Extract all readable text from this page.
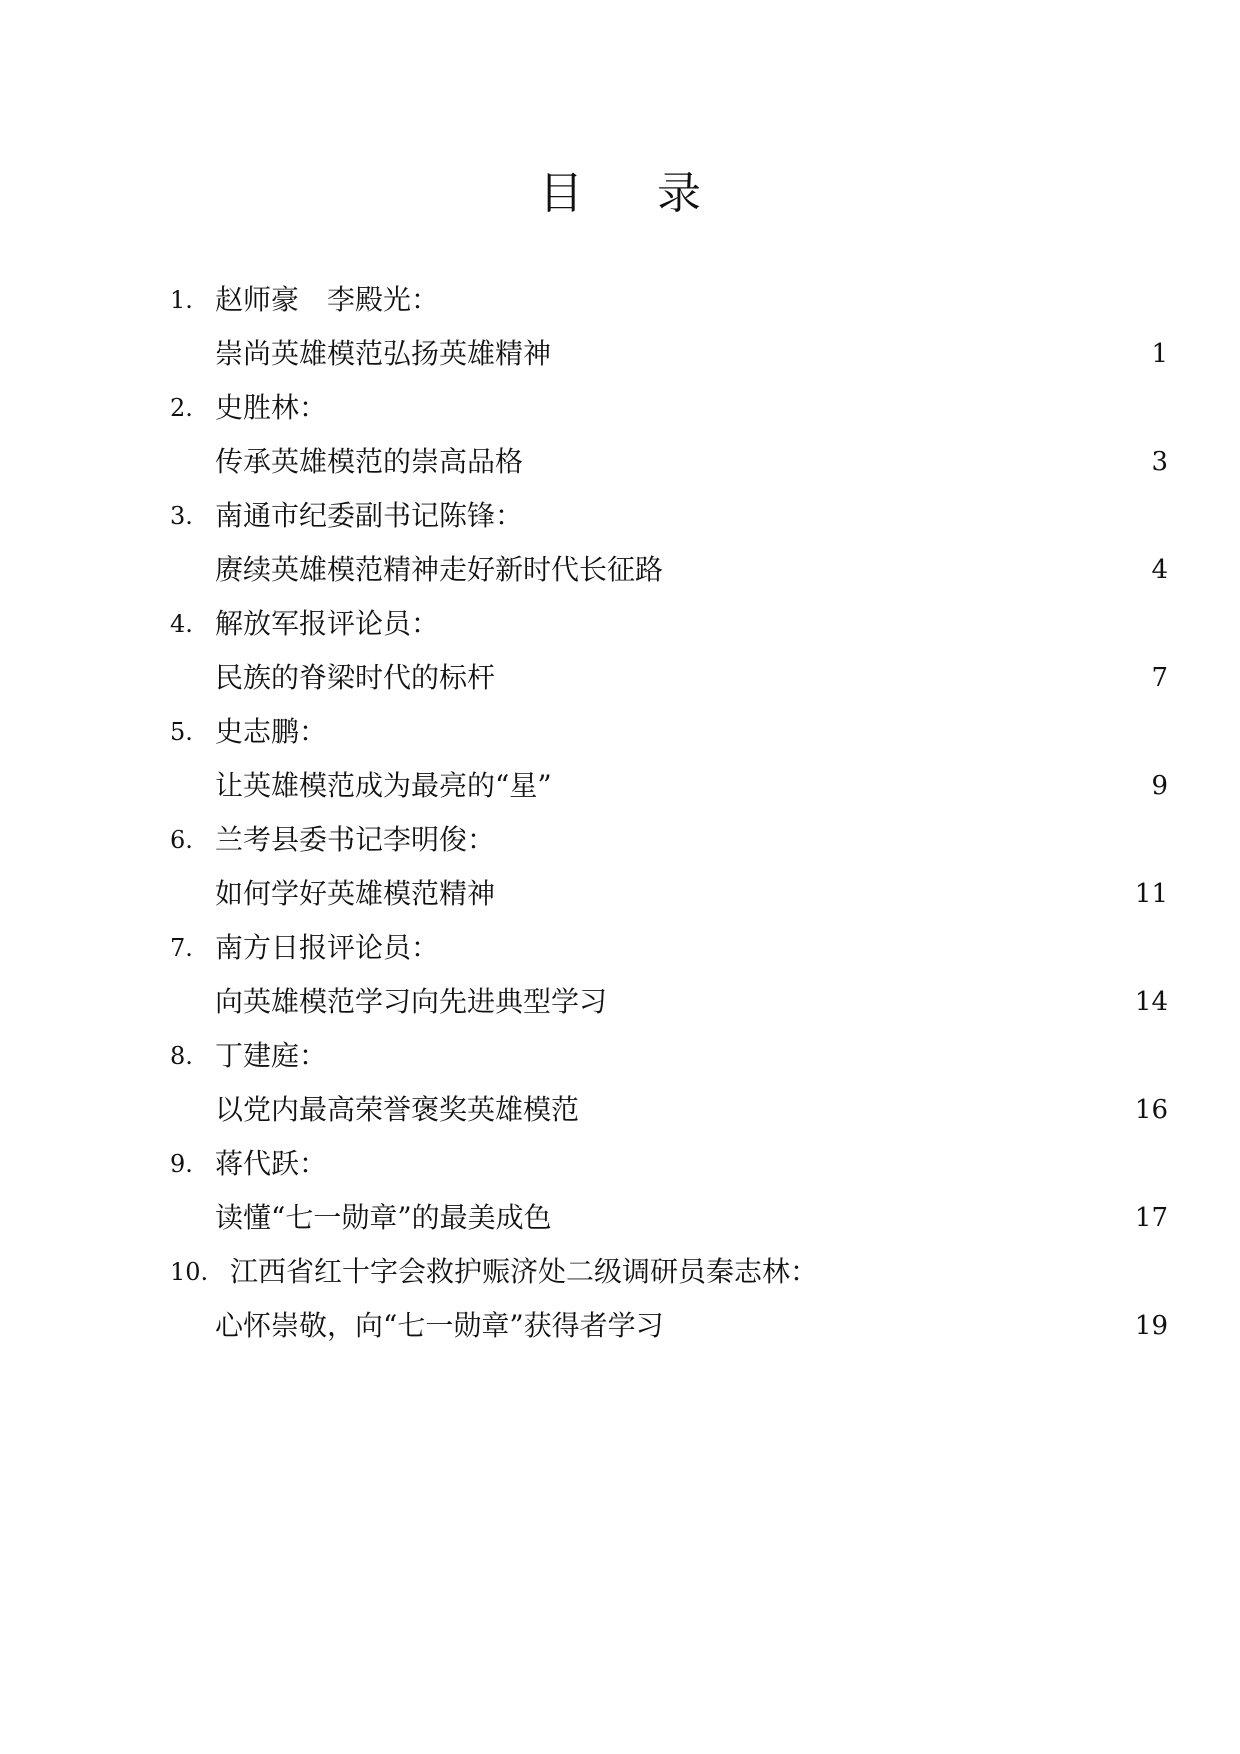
目 录
1. 赵师豪　李殿光：
崇尚英雄模范弘扬英雄精神	1
2. 史胜林：
传承英雄模范的崇高品格	3
3. 南通市纪委副书记陈锋：
赓续英雄模范精神走好新时代长征路	4
4. 解放军报评论员：
民族的脊梁时代的标杆	7
5. 史志鹏：
让英雄模范成为最亮的“星”	9
6. 兰考县委书记李明俊：
如何学好英雄模范精神	11
7. 南方日报评论员：
向英雄模范学习向先进典型学习	14
8. 丁建庭：
以党内最高荣誉褒奖英雄模范	16
9. 蒋代跃：
读懂“七一勋章”的最美成色	17
10. 江西省红十字会救护赈济处二级调研员秦志林：
心怀崇敬，向“七一勋章”获得者学习	19
